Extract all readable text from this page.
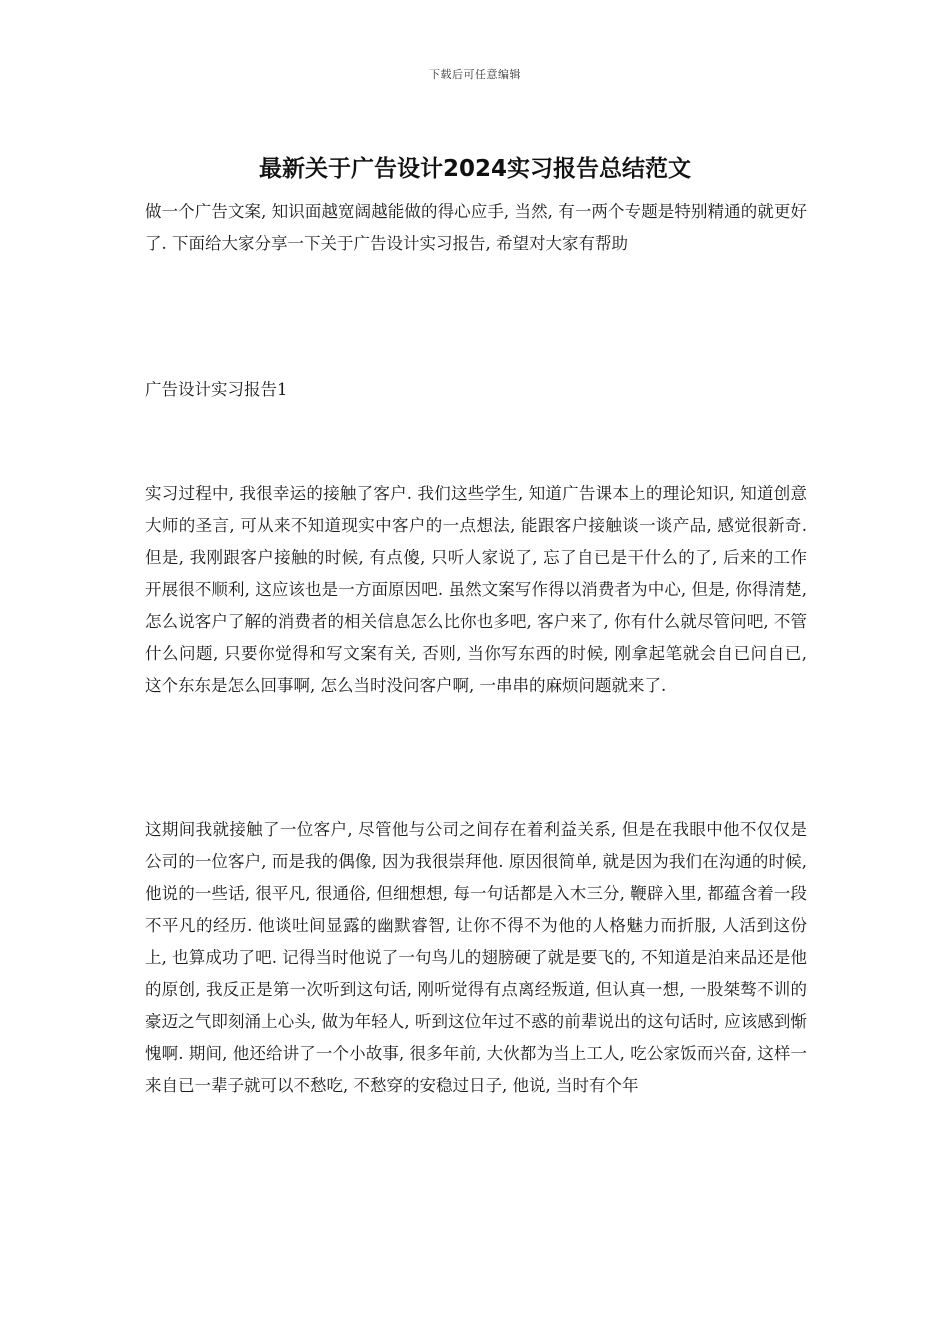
下载后可任意编辑
最新关于广告设计2024实习报告总结范文

做一个广告文案, 知识面越宽阔越能做的得心应手, 当然, 有一两个专题是特别精通的就更好了. 下面给大家分享一下关于广告设计实习报告, 希望对大家有帮助

广告设计实习报告1

实习过程中, 我很幸运的接触了客户. 我们这些学生, 知道广告课本上的理论知识, 知道创意大师的圣言, 可从来不知道现实中客户的一点想法, 能跟客户接触谈一谈产品, 感觉很新奇. 但是, 我刚跟客户接触的时候, 有点傻, 只听人家说了, 忘了自已是干什么的了, 后来的工作开展很不顺利, 这应该也是一方面原因吧. 虽然文案写作得以消费者为中心, 但是, 你得清楚, 怎么说客户了解的消费者的相关信息怎么比你也多吧, 客户来了, 你有什么就尽管问吧, 不管什么问题, 只要你觉得和写文案有关, 否则, 当你写东西的时候, 刚拿起笔就会自已问自已, 这个东东是怎么回事啊, 怎么当时没问客户啊, 一串串的麻烦问题就来了.

这期间我就接触了一位客户, 尽管他与公司之间存在着利益关系, 但是在我眼中他不仅仅是公司的一位客户, 而是我的偶像, 因为我很崇拜他. 原因很简单, 就是因为我们在沟通的时候, 他说的一些话, 很平凡, 很通俗, 但细想想, 每一句话都是入木三分, 鞭辟入里, 都蕴含着一段不平凡的经历. 他谈吐间显露的幽默睿智, 让你不得不为他的人格魅力而折服, 人活到这份上, 也算成功了吧. 记得当时他说了一句鸟儿的翅膀硬了就是要飞的, 不知道是泊来品还是他的原创, 我反正是第一次听到这句话, 刚听觉得有点离经叛道, 但认真一想, 一股桀骜不训的豪迈之气即刻涌上心头, 做为年轻人, 听到这位年过不惑的前辈说出的这句话时, 应该感到惭愧啊. 期间, 他还给讲了一个小故事, 很多年前, 大伙都为当上工人, 吃公家饭而兴奋, 这样一来自已一辈子就可以不愁吃, 不愁穿的安稳过日子, 他说, 当时有个年
